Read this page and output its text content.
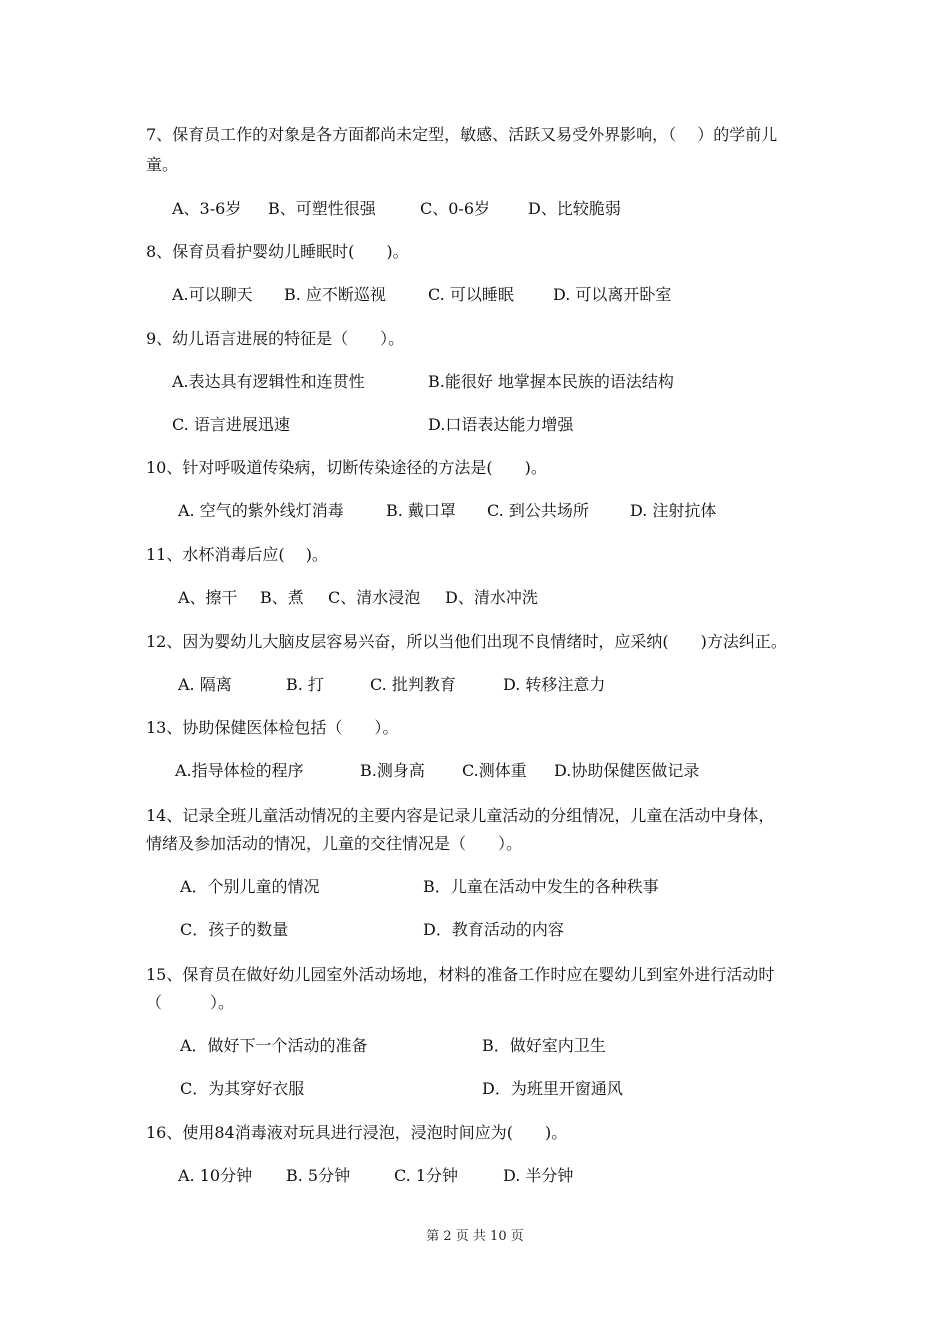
7、保育员工作的对象是各方面都尚未定型，敏感、活跃又易受外界影响，（　 ）的学前儿

童。

A、3-6岁 B、可塑性很强	C、0-6岁 D、比较脆弱

8、保育员看护婴幼儿睡眠时(　　)。

A.可以聊天 B. 应不断巡视	C. 可以睡眠 D. 可以离开卧室

9、幼儿语言进展的特征是（　　）。

A.表达具有逻辑性和连贯性	B.能很好 地掌握本民族的语法结构
C. 语言进展迅速	D.口语表达能力增强

10、针对呼吸道传染病，切断传染途径的方法是(　　)。

A. 空气的紫外线灯消毒	B. 戴口罩 C. 到公共场所	D. 注射抗体

11、水杯消毒后应(　 )。

A、擦干 B、煮 C、清水浸泡 D、清水冲洗

12、因为婴幼儿大脑皮层容易兴奋，所以当他们出现不良情绪时，应采纳(　　)方法纠正。

A. 隔离	B. 打	C. 批判教育	D. 转移注意力

13、协助保健医体检包括（　　）。

A.指导体检的程序	B.测身高 C.测体重 D.协助保健医做记录

14、记录全班儿童活动情况的主要内容是记录儿童活动的分组情况，儿童在活动中身体，

情绪及参加活动的情况，儿童的交往情况是（　　）。

A．个别儿童的情况	B．儿童在活动中发生的各种秩事
C．孩子的数量	D．教育活动的内容

15、保育员在做好幼儿园室外活动场地，材料的准备工作时应在婴幼儿到室外进行活动时

（　　　）。

A．做好下一个活动的准备	B．做好室内卫生
C．为其穿好衣服	D．为班里开窗通风

16、使用84消毒液对玩具进行浸泡，浸泡时间应为(　　)。

A. 10分钟 B. 5分钟	C. 1分钟	D. 半分钟
第 2 页 共 10 页
